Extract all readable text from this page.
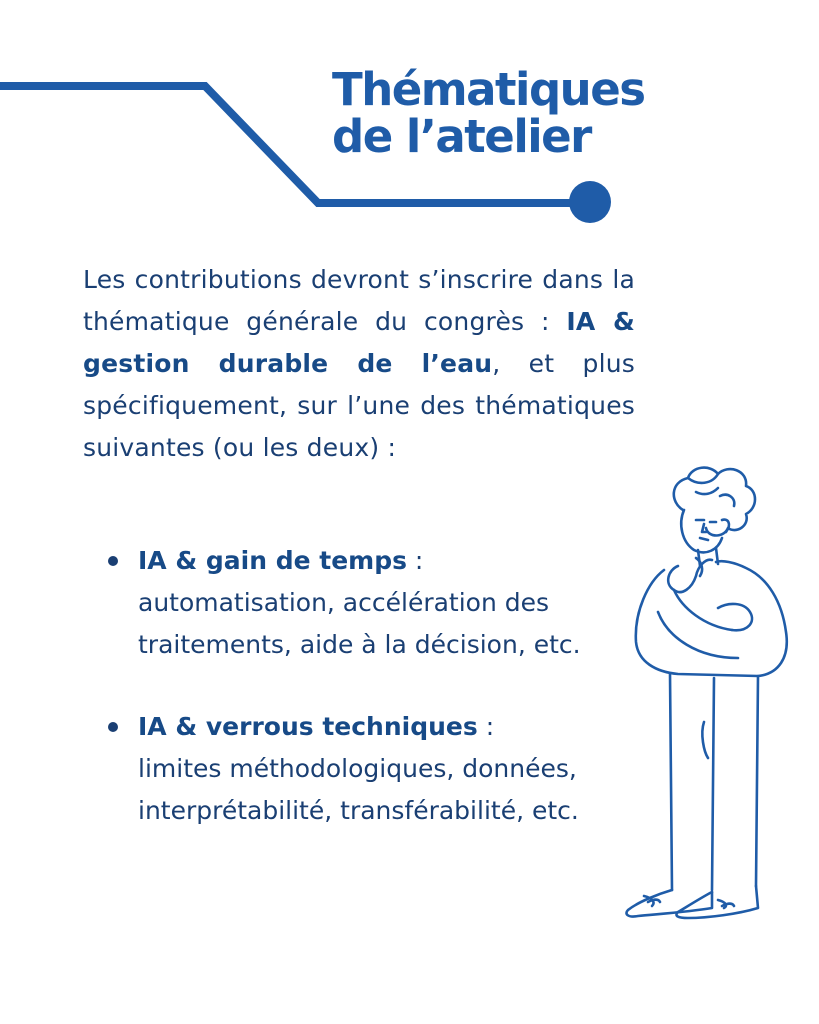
Thématiques
de l’atelier

Les contributions devront s’inscrire dans la thématique générale du congrès : IA & gestion durable de l’eau, et plus spécifiquement, sur l’une des thématiques suivantes (ou les deux) :

IA & gain de temps :
automatisation, accélération des traitements, aide à la décision, etc.
IA & verrous techniques :
limites méthodologiques, données, interprétabilité, transférabilité, etc.
